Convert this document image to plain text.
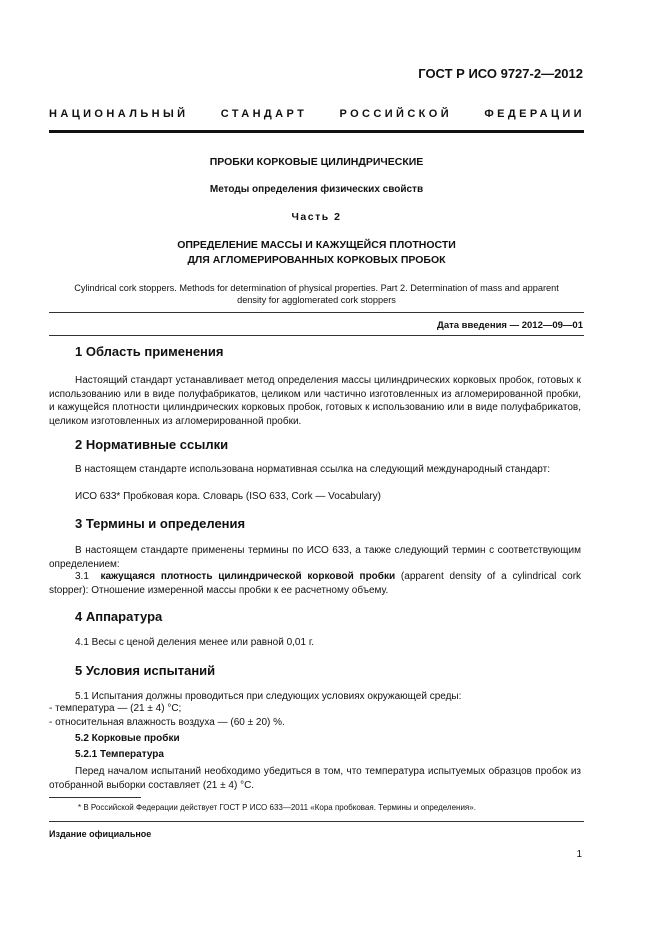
ГОСТ Р ИСО 9727-2—2012
НАЦИОНАЛЬНЫЙ СТАНДАРТ РОССИЙСКОЙ ФЕДЕРАЦИИ
ПРОБКИ КОРКОВЫЕ ЦИЛИНДРИЧЕСКИЕ
Методы определения физических свойств
Часть 2
ОПРЕДЕЛЕНИЕ МАССЫ И КАЖУЩЕЙСЯ ПЛОТНОСТИ
ДЛЯ АГЛОМЕРИРОВАННЫХ КОРКОВЫХ ПРОБОК
Cylindrical cork stoppers. Methods for determination of physical properties. Part 2. Determination of mass and apparent
density for agglomerated cork stoppers
Дата введения — 2012—09—01
1 Область применения
Настоящий стандарт устанавливает метод определения массы цилиндрических корковых пробок, готовых к использованию или в виде полуфабрикатов, целиком или частично изготовленных из агломерированной пробки, и кажущейся плотности цилиндрических корковых пробок, готовых к использованию или в виде полуфабрикатов, целиком изготовленных из агломерированной пробки.
2 Нормативные ссылки
В настоящем стандарте использована нормативная ссылка на следующий международный стандарт:
ИСО 633* Пробковая кора. Словарь (ISO 633, Cork — Vocabulary)
3 Термины и определения
В настоящем стандарте применены термины по ИСО 633, а также следующий термин с соответствующим определением:
3.1 кажущаяся плотность цилиндрической корковой пробки (apparent density of a cylindrical cork stopper): Отношение измеренной массы пробки к ее расчетному объему.
4 Аппаратура
4.1 Весы с ценой деления менее или равной 0,01 г.
5 Условия испытаний
5.1 Испытания должны проводиться при следующих условиях окружающей среды:
- температура — (21 ± 4) °C;
- относительная влажность воздуха — (60 ± 20) %.
5.2 Корковые пробки
5.2.1 Температура
Перед началом испытаний необходимо убедиться в том, что температура испытуемых образцов пробок из отобранной выборки составляет (21 ± 4) °C.
* В Российской Федерации действует ГОСТ Р ИСО 633—2011 «Кора пробковая. Термины и определения».
Издание официальное
1
